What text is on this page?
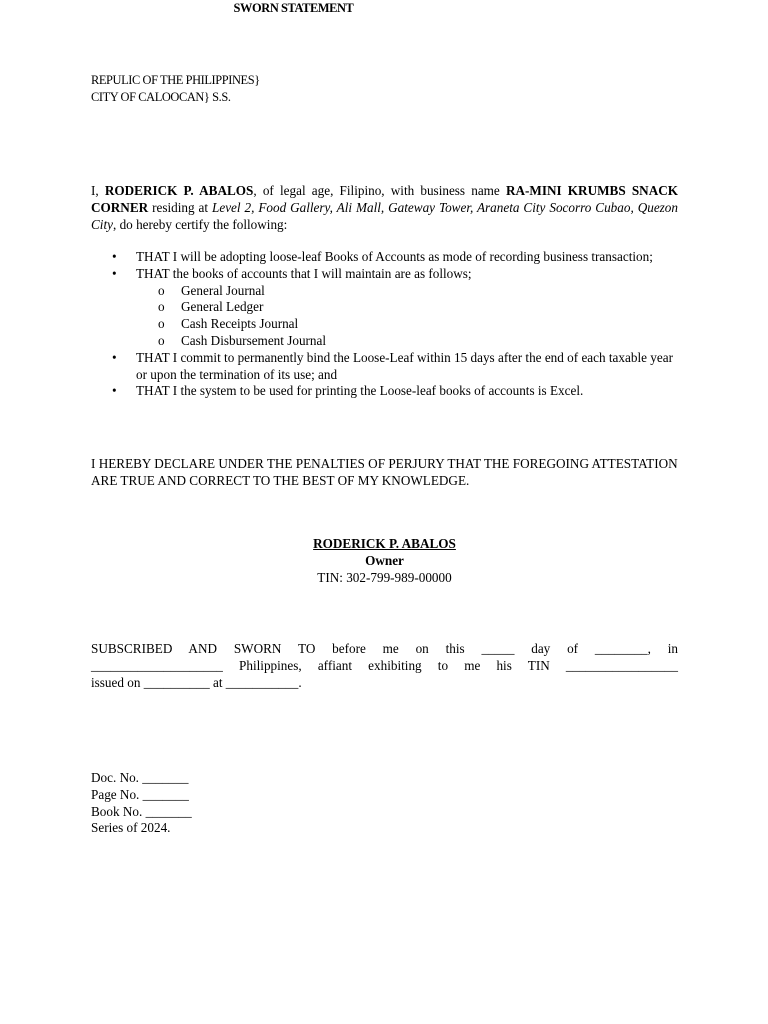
REPULIC OF THE PHILIPPINES}
CITY OF CALOOCAN} S.S.
SWORN STATEMENT
I, RODERICK P. ABALOS, of legal age, Filipino, with business name RA-MINI KRUMBS SNACK CORNER residing at Level 2, Food Gallery, Ali Mall, Gateway Tower, Araneta City Socorro Cubao, Quezon City, do hereby certify the following:
• THAT I will be adopting loose-leaf Books of Accounts as mode of recording business transaction;
• THAT the books of accounts that I will maintain are as follows;
o General Journal
o General Ledger
o Cash Receipts Journal
o Cash Disbursement Journal
• THAT I commit to permanently bind the Loose-Leaf within 15 days after the end of each taxable year or upon the termination of its use; and
• THAT I the system to be used for printing the Loose-leaf books of accounts is Excel.
I HEREBY DECLARE UNDER THE PENALTIES OF PERJURY THAT THE FOREGOING ATTESTATION ARE TRUE AND CORRECT TO THE BEST OF MY KNOWLEDGE.
RODERICK P. ABALOS
Owner
TIN: 302-799-989-00000
SUBSCRIBED AND SWORN TO before me on this _____ day of ________, in
____________________ Philippines, affiant exhibiting to me his TIN _________________
issued on __________ at ___________.
Doc. No. _______
Page No. _______
Book No. _______
Series of 2024.
